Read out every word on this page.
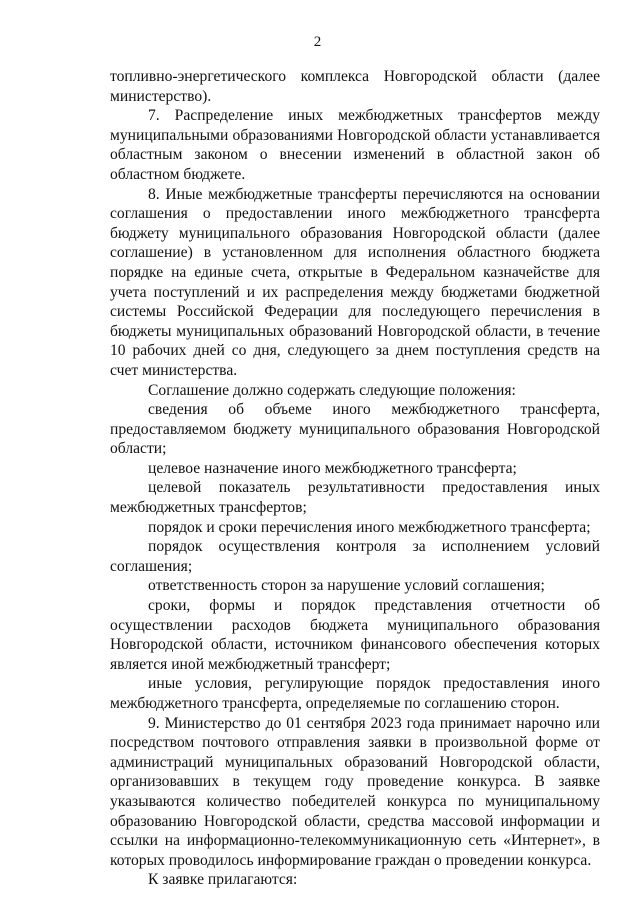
2

топливно-энергетического комплекса Новгородской области (далее министерство).

7. Распределение иных межбюджетных трансфертов между муниципальными образованиями Новгородской области устанавливается областным законом о внесении изменений в областной закон об областном бюджете.

8. Иные межбюджетные трансферты перечисляются на основании соглашения о предоставлении иного межбюджетного трансферта бюджету муниципального образования Новгородской области (далее соглашение) в установленном для исполнения областного бюджета порядке на единые счета, открытые в Федеральном казначействе для учета поступлений и их распределения между бюджетами бюджетной системы Российской Федерации для последующего перечисления в бюджеты муниципальных образований Новгородской области, в течение 10 рабочих дней со дня, следующего за днем поступления средств на счет министерства.

Соглашение должно содержать следующие положения:

сведения об объеме иного межбюджетного трансферта, предоставляемом бюджету муниципального образования Новгородской области;

целевое назначение иного межбюджетного трансферта;

целевой показатель результативности предоставления иных межбюджетных трансфертов;

порядок и сроки перечисления иного межбюджетного трансферта;

порядок осуществления контроля за исполнением условий соглашения;

ответственность сторон за нарушение условий соглашения;

сроки, формы и порядок представления отчетности об осуществлении расходов бюджета муниципального образования Новгородской области, источником финансового обеспечения которых является иной межбюджетный трансферт;

иные условия, регулирующие порядок предоставления иного межбюджетного трансферта, определяемые по соглашению сторон.

9. Министерство до 01 сентября 2023 года принимает нарочно или посредством почтового отправления заявки в произвольной форме от администраций муниципальных образований Новгородской области, организовавших в текущем году проведение конкурса. В заявке указываются количество победителей конкурса по муниципальному образованию Новгородской области, средства массовой информации и ссылки на информационно-телекоммуникационную сеть «Интернет», в которых проводилось информирование граждан о проведении конкурса.

К заявке прилагаются:
